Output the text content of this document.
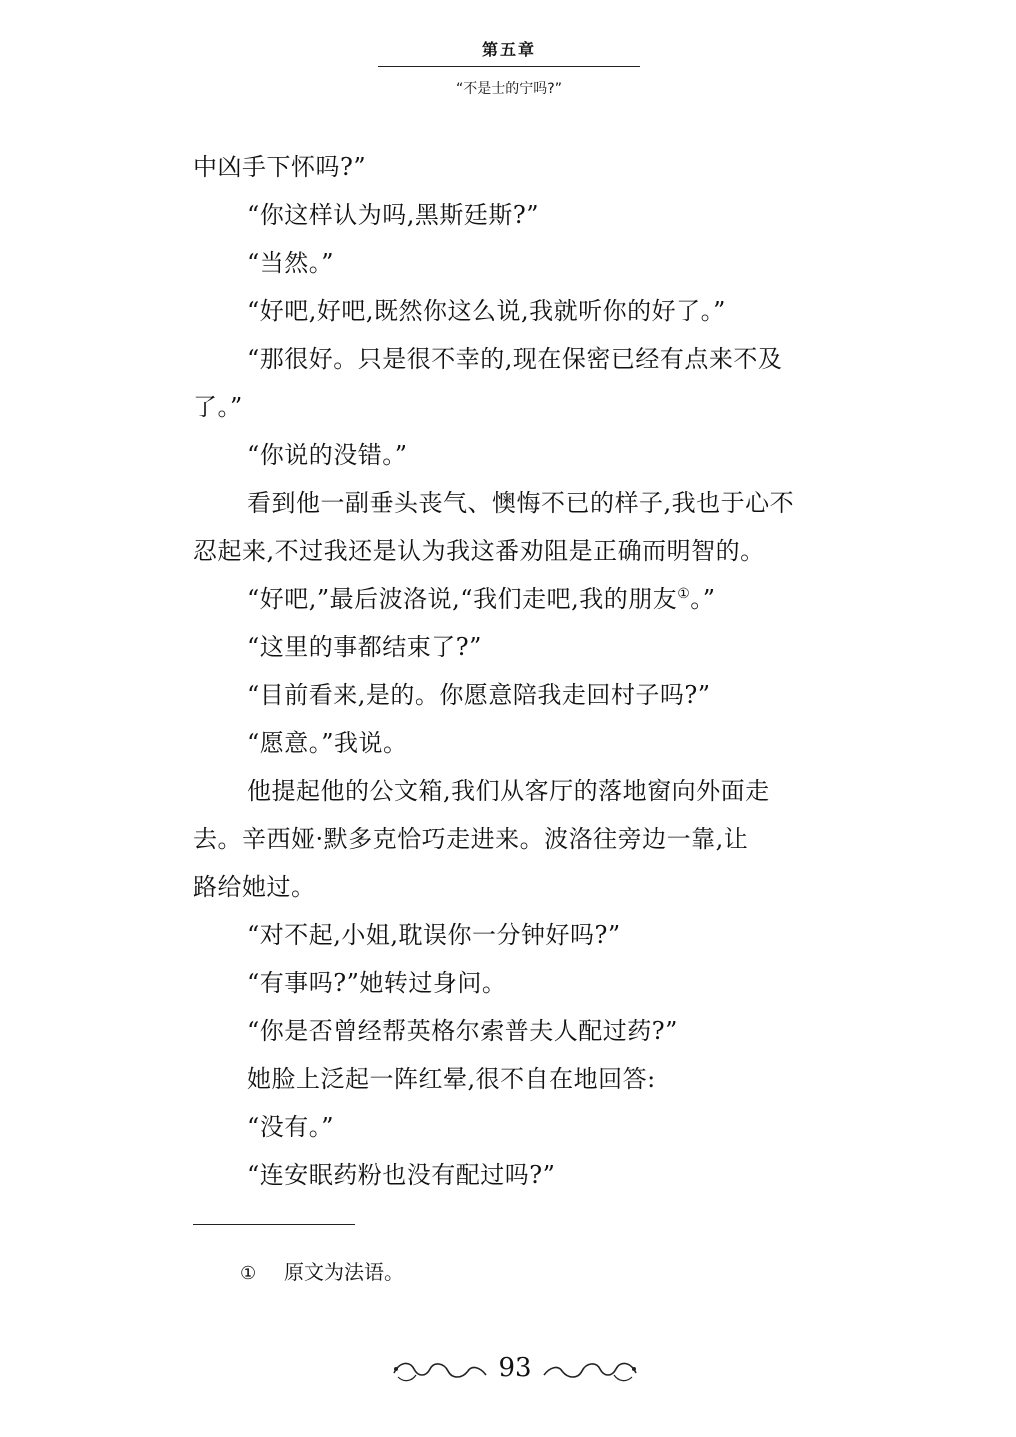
第五章
“不是士的宁吗?”
中凶手下怀吗?”
“你这样认为吗,黑斯廷斯?”
“当然。”
“好吧,好吧,既然你这么说,我就听你的好了。”
“那很好。只是很不幸的,现在保密已经有点来不及
了。”
“你说的没错。”
看到他一副垂头丧气、懊悔不已的样子,我也于心不
忍起来,不过我还是认为我这番劝阻是正确而明智的。
“好吧,”最后波洛说,“我们走吧,我的朋友①。”
“这里的事都结束了?”
“目前看来,是的。你愿意陪我走回村子吗?”
“愿意。”我说。
他提起他的公文箱,我们从客厅的落地窗向外面走
去。辛西娅·默多克恰巧走进来。波洛往旁边一靠,让
路给她过。
“对不起,小姐,耽误你一分钟好吗?”
“有事吗?”她转过身问。
“你是否曾经帮英格尔索普夫人配过药?”
她脸上泛起一阵红晕,很不自在地回答:
“没有。”
“连安眠药粉也没有配过吗?”
① 原文为法语。
93
